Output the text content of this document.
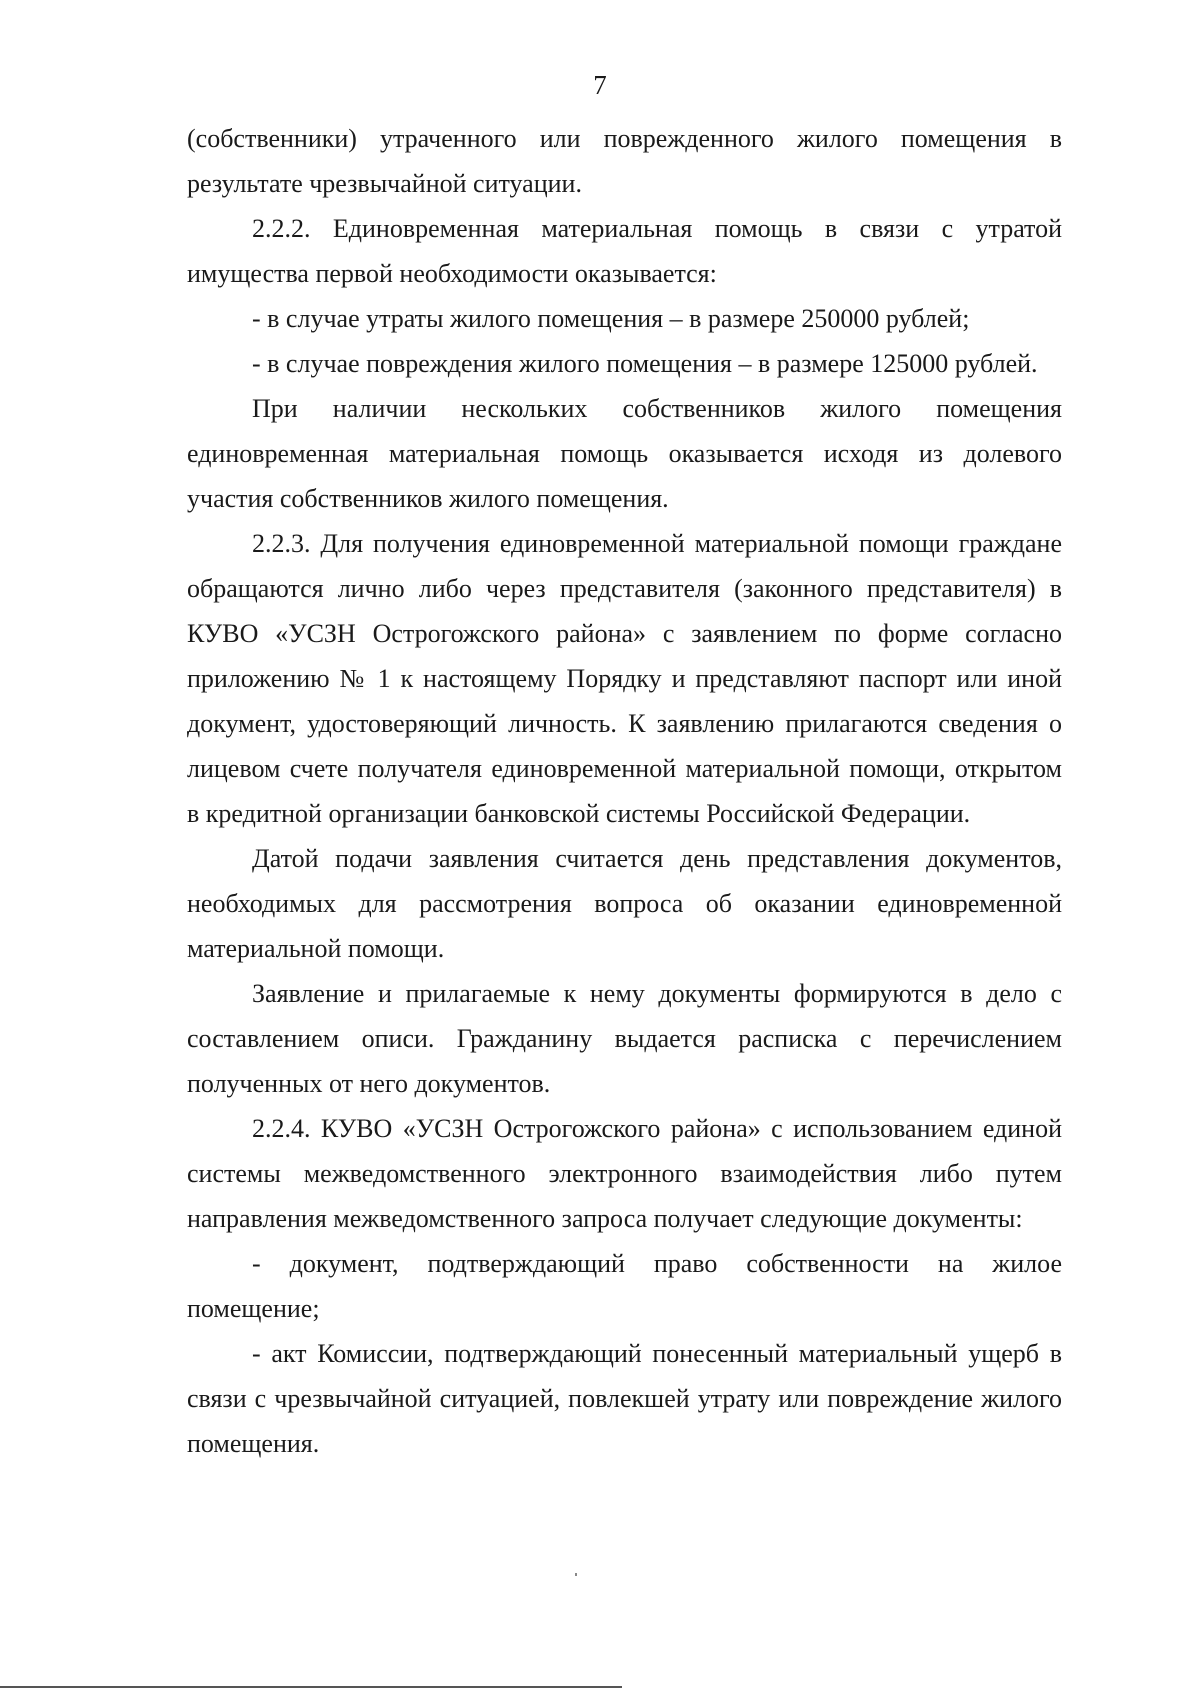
7

(собственники) утраченного или поврежденного жилого помещения в результате чрезвычайной ситуации.

2.2.2. Единовременная материальная помощь в связи с утратой имущества первой необходимости оказывается:

- в случае утраты жилого помещения – в размере 250000 рублей;

- в случае повреждения жилого помещения – в размере 125000 рублей.

При наличии нескольких собственников жилого помещения единовременная материальная помощь оказывается исходя из долевого участия собственников жилого помещения.

2.2.3. Для получения единовременной материальной помощи граждане обращаются лично либо через представителя (законного представителя) в КУВО «УСЗН Острогожского района» с заявлением по форме согласно приложению № 1 к настоящему Порядку и представляют паспорт или иной документ, удостоверяющий личность. К заявлению прилагаются сведения о лицевом счете получателя единовременной материальной помощи, открытом в кредитной организации банковской системы Российской Федерации.

Датой подачи заявления считается день представления документов, необходимых для рассмотрения вопроса об оказании единовременной материальной помощи.

Заявление и прилагаемые к нему документы формируются в дело с составлением описи. Гражданину выдается расписка с перечислением полученных от него документов.

2.2.4. КУВО «УСЗН Острогожского района» с использованием единой системы межведомственного электронного взаимодействия либо путем направления межведомственного запроса получает следующие документы:

- документ, подтверждающий право собственности на жилое помещение;

- акт Комиссии, подтверждающий понесенный материальный ущерб в связи с чрезвычайной ситуацией, повлекшей утрату или повреждение жилого помещения.
